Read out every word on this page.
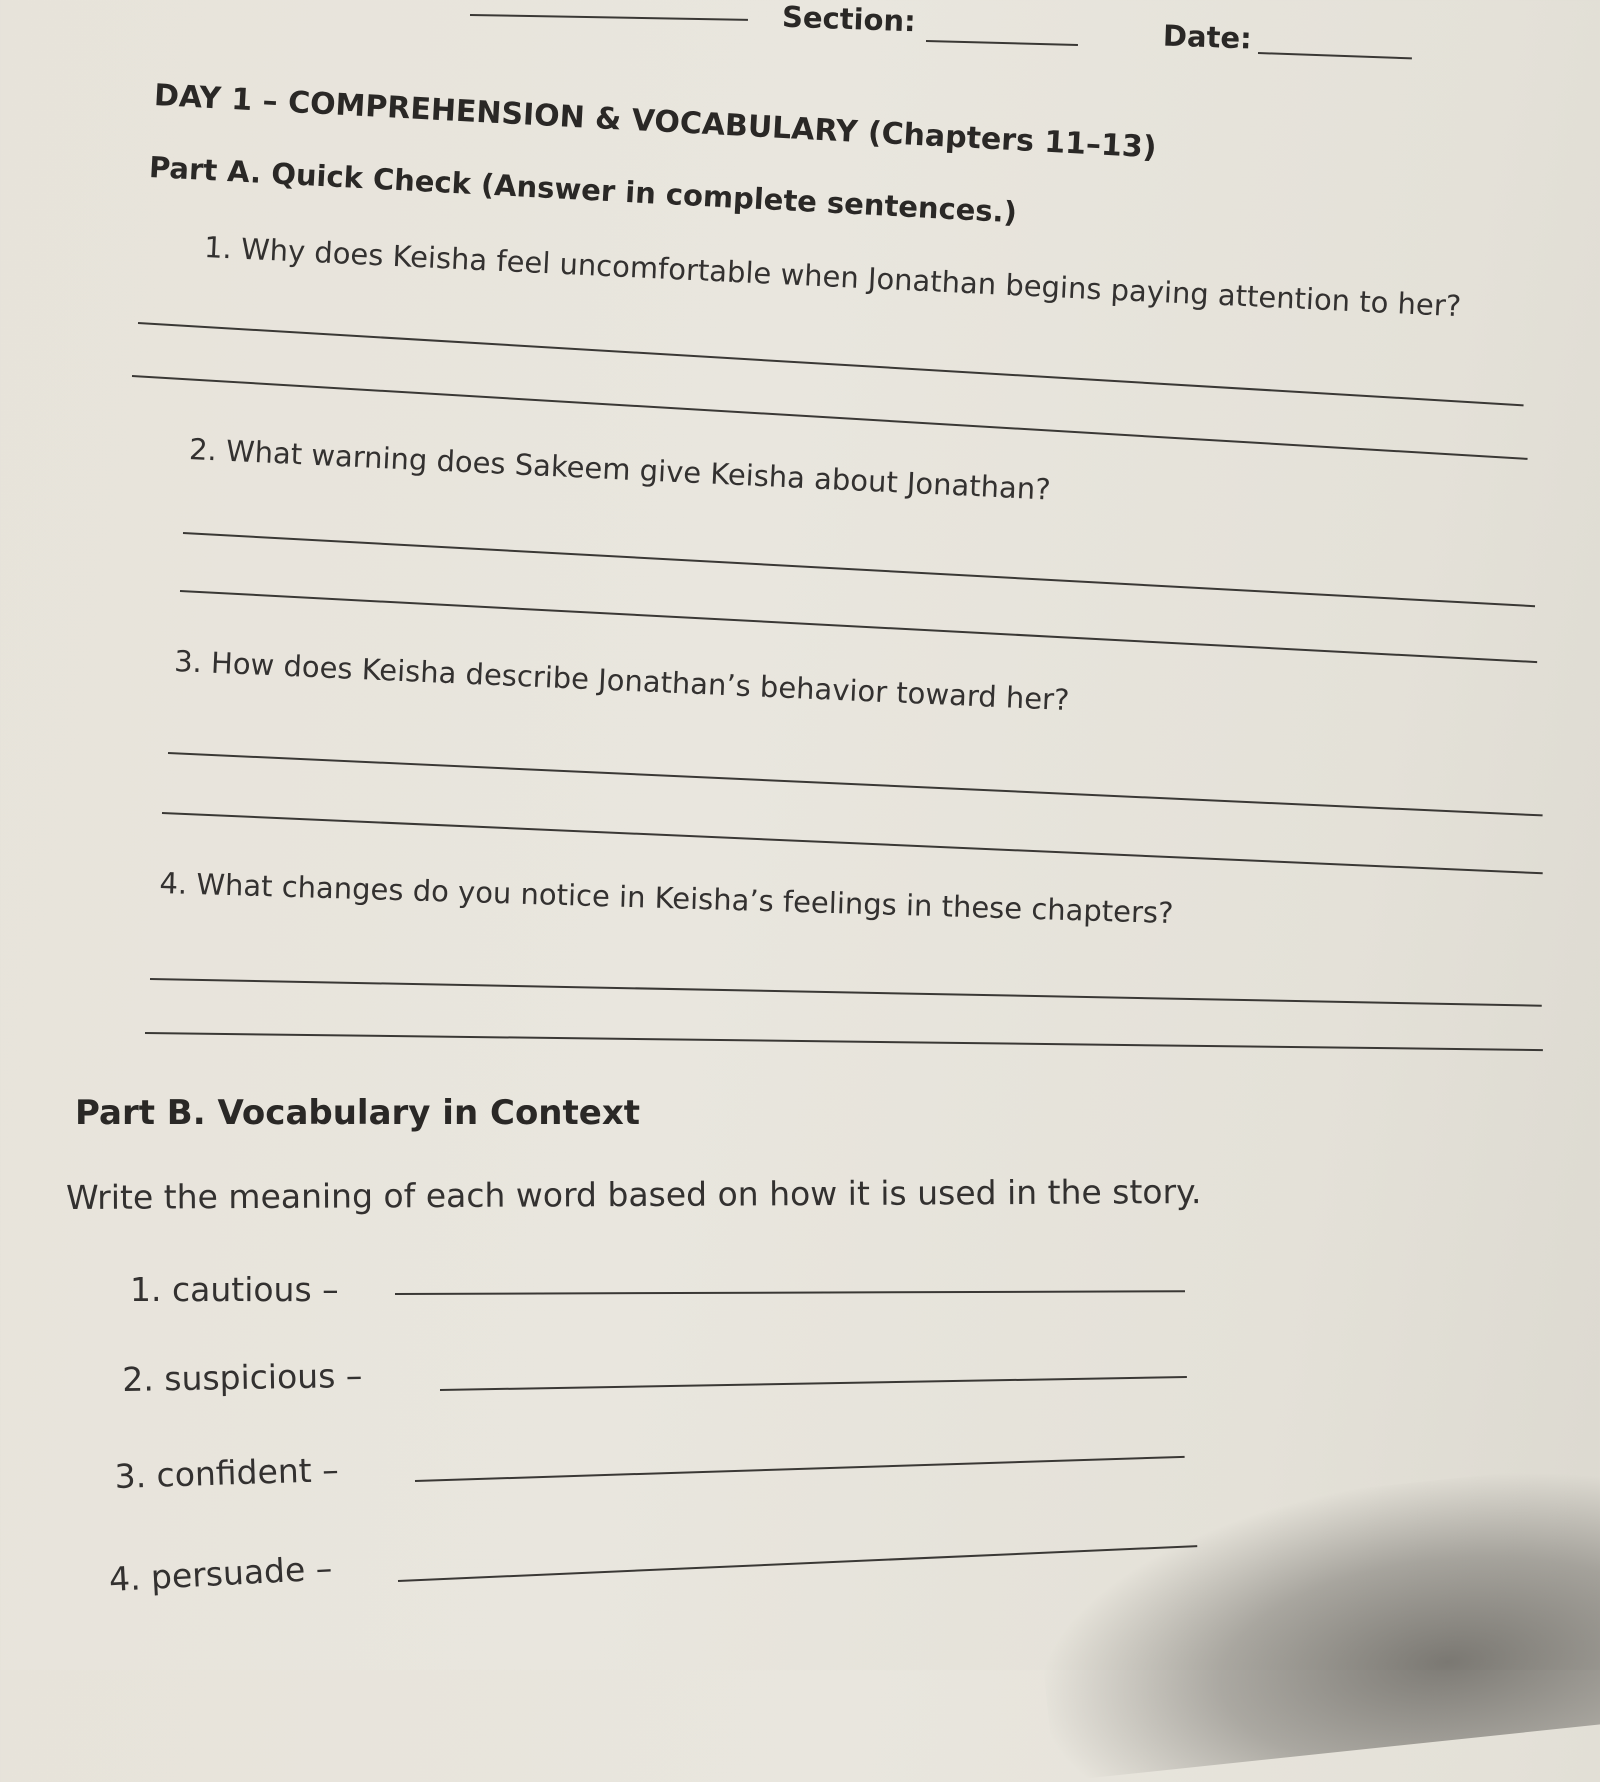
Section:	Date:
DAY 1 – COMPREHENSION & VOCABULARY (Chapters 11–13)
Part A. Quick Check (Answer in complete sentences.)
1. Why does Keisha feel uncomfortable when Jonathan begins paying attention to her?
2. What warning does Sakeem give Keisha about Jonathan?
3. How does Keisha describe Jonathan’s behavior toward her?
4. What changes do you notice in Keisha’s feelings in these chapters?
Part B. Vocabulary in Context
Write the meaning of each word based on how it is used in the story.
1. cautious –
2. suspicious –
3. confident –
4. persuade –
